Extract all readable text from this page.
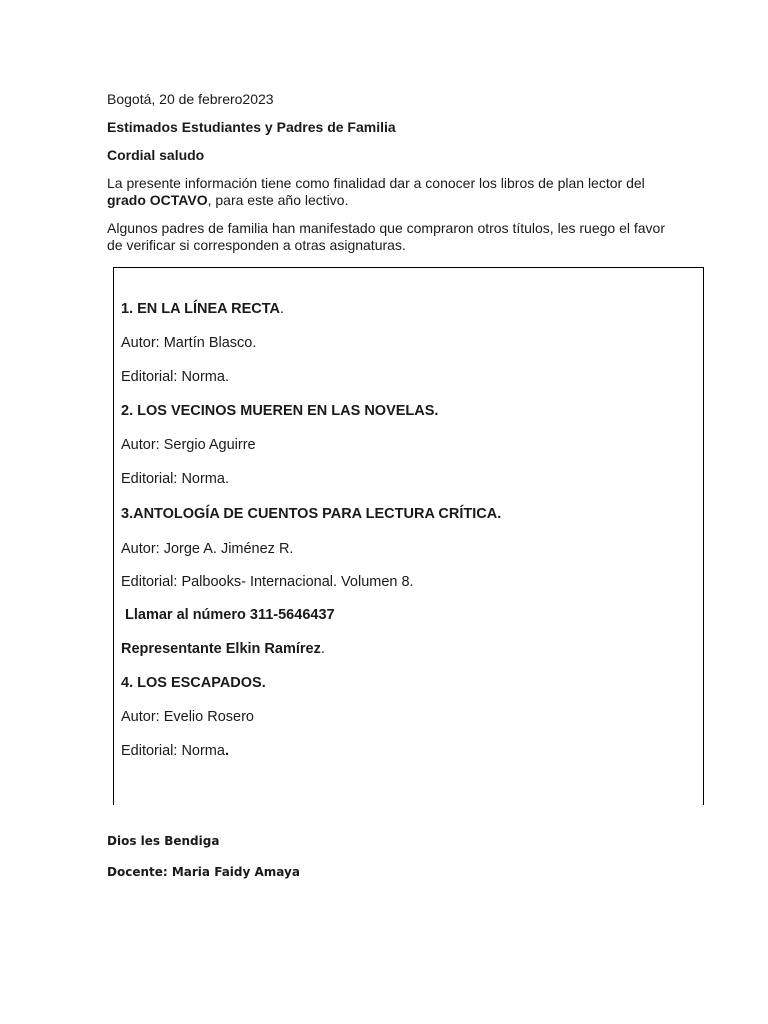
Bogotá, 20 de febrero2023
Estimados Estudiantes y Padres de Familia
Cordial saludo
La presente información tiene como finalidad dar a conocer los libros de plan lector del
grado OCTAVO, para este año lectivo.
Algunos padres de familia han manifestado que compraron otros títulos, les ruego el favor
de verificar si corresponden a otras asignaturas.
1. EN LA LÍNEA RECTA.
Autor: Martín Blasco.
Editorial: Norma.
2. LOS VECINOS MUEREN EN LAS NOVELAS.
Autor: Sergio Aguirre
Editorial: Norma.
3.ANTOLOGÍA DE CUENTOS PARA LECTURA CRÍTICA.
Autor: Jorge A. Jiménez R.
Editorial: Palbooks- Internacional. Volumen 8.
Llamar al número 311-5646437
Representante Elkin Ramírez.
4. LOS ESCAPADOS.
Autor: Evelio Rosero
Editorial: Norma.
Dios les Bendiga
Docente: Maria Faidy Amaya
